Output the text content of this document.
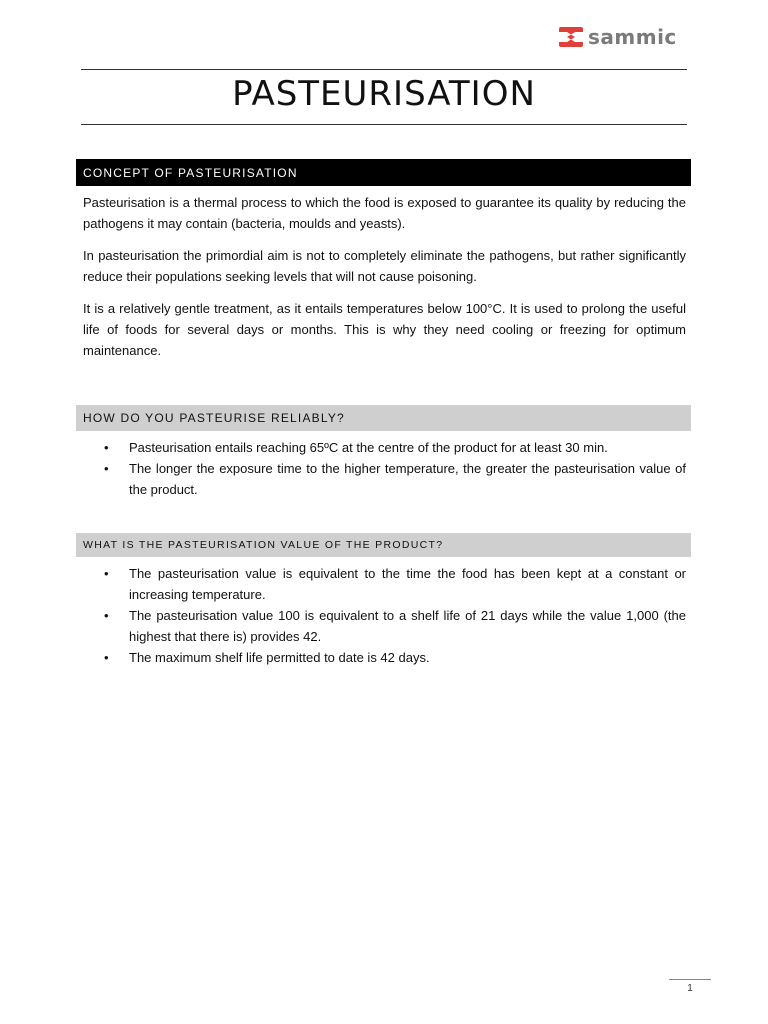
sammic
PASTEURISATION
CONCEPT OF PASTEURISATION

Pasteurisation is a thermal process to which the food is exposed to guarantee its quality by reducing the pathogens it may contain (bacteria, moulds and yeasts).

In pasteurisation the primordial aim is not to completely eliminate the pathogens, but rather significantly reduce their populations seeking levels that will not cause poisoning.

It is a relatively gentle treatment, as it entails temperatures below 100°C. It is used to prolong the useful life of foods for several days or months. This is why they need cooling or freezing for optimum maintenance.

HOW DO YOU PASTEURISE RELIABLY?
• Pasteurisation entails reaching 65ºC at the centre of the product for at least 30 min.
• The longer the exposure time to the higher temperature, the greater the pasteurisation value of the product.
WHAT IS THE PASTEURISATION VALUE OF THE PRODUCT?
• The pasteurisation value is equivalent to the time the food has been kept at a constant or increasing temperature.
• The pasteurisation value 100 is equivalent to a shelf life of 21 days while the value 1,000 (the highest that there is) provides 42.
• The maximum shelf life permitted to date is 42 days.
1
